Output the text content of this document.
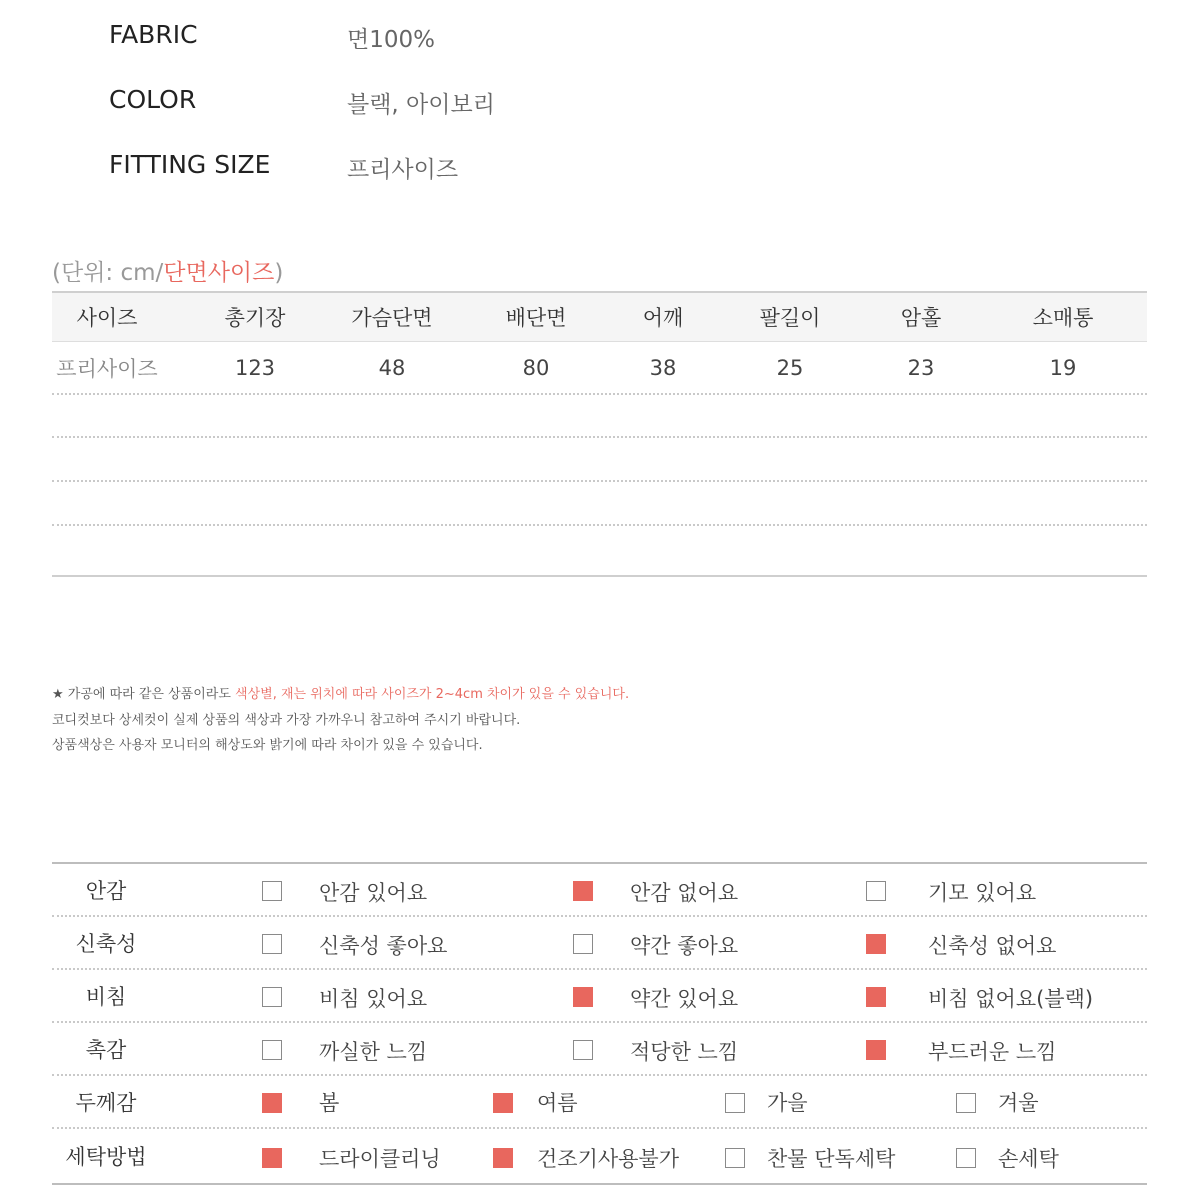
FABRIC	면100%
COLOR	블랙, 아이보리
FITTING SIZE	프리사이즈
(단위: cm/단면사이즈)
사이즈	총기장	가슴단면	배단면	어깨	팔길이	암홀	소매통
프리사이즈	123	48	80	38	25	23	19
★ 가공에 따라 같은 상품이라도 색상별, 재는 위치에 따라 사이즈가 2~4cm 차이가 있을 수 있습니다.
코디컷보다 상세컷이 실제 상품의 색상과 가장 가까우니 참고하여 주시기 바랍니다.
상품색상은 사용자 모니터의 해상도와 밝기에 따라 차이가 있을 수 있습니다.
안감	안감 있어요	안감 없어요	기모 있어요
신축성	신축성 좋아요	약간 좋아요	신축성 없어요
비침	비침 있어요	약간 있어요	비침 없어요(블랙)
촉감	까실한 느낌	적당한 느낌	부드러운 느낌
두께감	봄	여름	가을	겨울
세탁방법	드라이클리닝	건조기사용불가	찬물 단독세탁	손세탁
